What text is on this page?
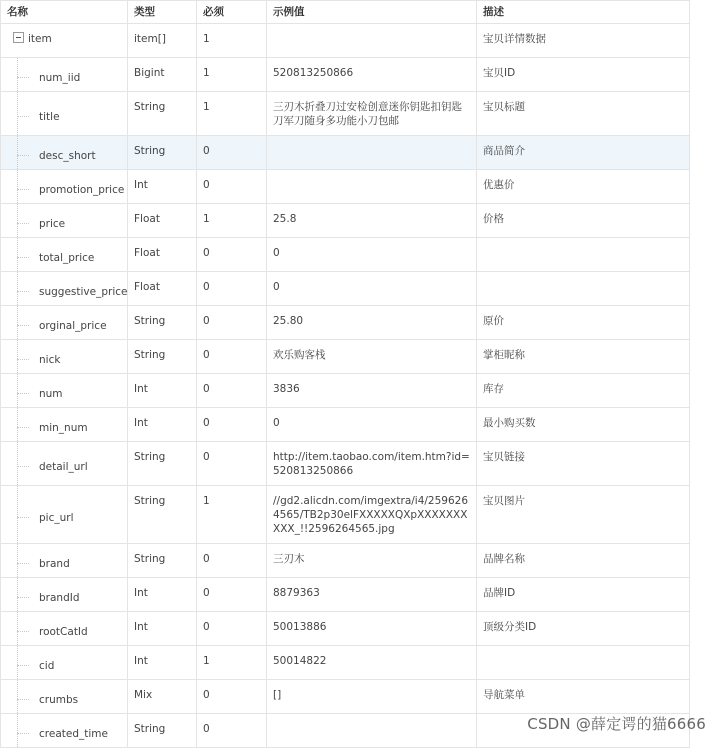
名称	类型	必须	示例值	描述
item	item[]	1		宝贝详情数据

num_iid	Bigint	1	520813250866	宝贝ID

title	String	1	三刃木折叠刀过安检创意迷你钥匙扣钥匙刀军刀随身多功能小刀包邮	宝贝标题

desc_short	String	0		商品简介

promotion_price	Int	0		优惠价

price	Float	1	25.8	价格

total_price	Float	0	0	

suggestive_price	Float	0	0	

orginal_price	String	0	25.80	原价

nick	String	0	欢乐购客栈	掌柜昵称

num	Int	0	3836	库存

min_num	Int	0	0	最小购买数

detail_url	String	0	http://item.taobao.com/item.htm?id=520813250866	宝贝链接

pic_url	String	1	//gd2.alicdn.com/imgextra/i4/2596264565/TB2p30elFXXXXXQXpXXXXXXXXXX_!!2596264565.jpg	宝贝图片

brand	String	0	三刃木	品牌名称

brandId	Int	0	8879363	品牌ID

rootCatId	Int	0	50013886	顶级分类ID

cid	Int	1	50014822	

crumbs	Mix	0	[]	导航菜单

created_time	String	0			CSDN @薛定谔的猫6666
